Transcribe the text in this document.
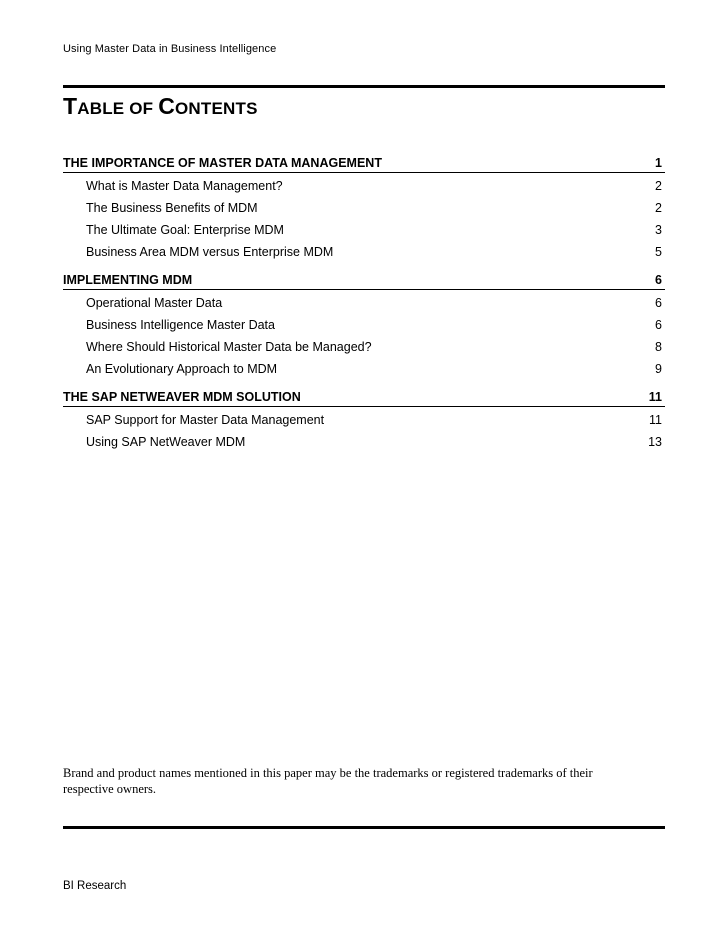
Using Master Data in Business Intelligence
TABLE OF CONTENTS
THE IMPORTANCE OF MASTER DATA MANAGEMENT	1
What is Master Data Management?	2
The Business Benefits of MDM	2
The Ultimate Goal: Enterprise MDM	3
Business Area MDM versus Enterprise MDM	5
IMPLEMENTING MDM	6
Operational Master Data	6
Business Intelligence Master Data	6
Where Should Historical Master Data be Managed?	8
An Evolutionary Approach to MDM	9
THE SAP NETWEAVER MDM SOLUTION	11
SAP Support for Master Data Management	11
Using SAP NetWeaver MDM	13
Brand and product names mentioned in this paper may be the trademarks or registered trademarks of their respective owners.
BI Research
